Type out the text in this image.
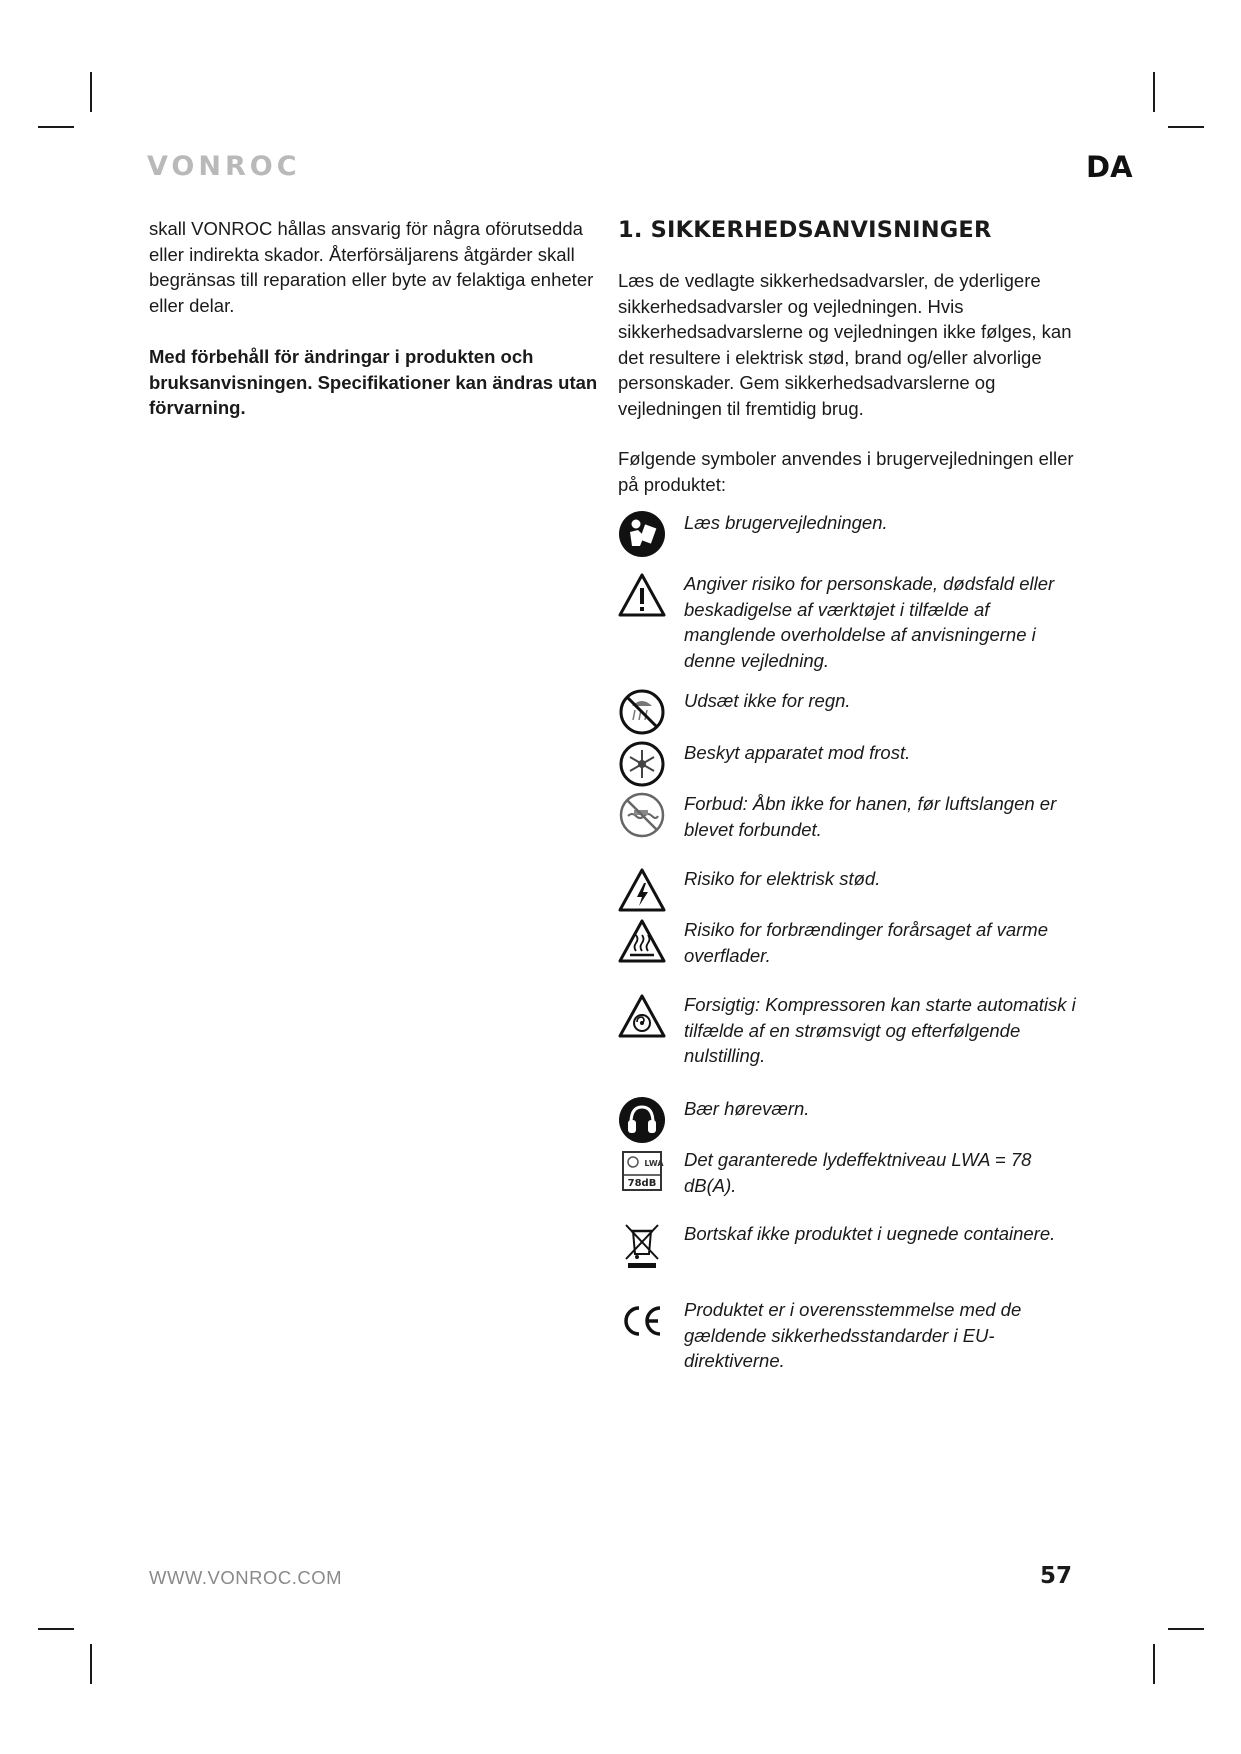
VONROC	DA

skall VONROC hållas ansvarig för några oförutsedda eller indirekta skador. Återförsäljarens åtgärder skall begränsas till reparation eller byte av felaktiga enheter eller delar.

Med förbehåll för ändringar i produkten och bruksanvisningen. Specifikationer kan ändras utan förvarning.

1. SIKKERHEDSANVISNINGER

Læs de vedlagte sikkerhedsadvarsler, de yderligere sikkerhedsadvarsler og vejledningen. Hvis sikkerhedsadvarslerne og vejledningen ikke følges, kan det resultere i elektrisk stød, brand og/eller alvorlige personskader. Gem sikkerhedsadvarslerne og vejledningen til fremtidig brug.

Følgende symboler anvendes i brugervejledningen eller på produktet:

Læs brugervejledningen.
Angiver risiko for personskade, dødsfald eller beskadigelse af værktøjet i tilfælde af manglende overholdelse af anvisningerne i denne vejledning.
Udsæt ikke for regn.
Beskyt apparatet mod frost.
Forbud: Åbn ikke for hanen, før luftslangen er blevet forbundet.
Risiko for elektrisk stød.
Risiko for forbrændinger forårsaget af varme overflader.
Forsigtig: Kompressoren kan starte automatisk i tilfælde af en strømsvigt og efterfølgende nulstilling.
Bær høreværn.
LWA
78dB
Det garanterede lydeffektniveau LWA = 78 dB(A).
Bortskaf ikke produktet i uegnede containere.
Produktet er i overensstemmelse med de gældende sikkerhedsstandarder i EU-direktiverne.
WWW.VONROC.COM	57
